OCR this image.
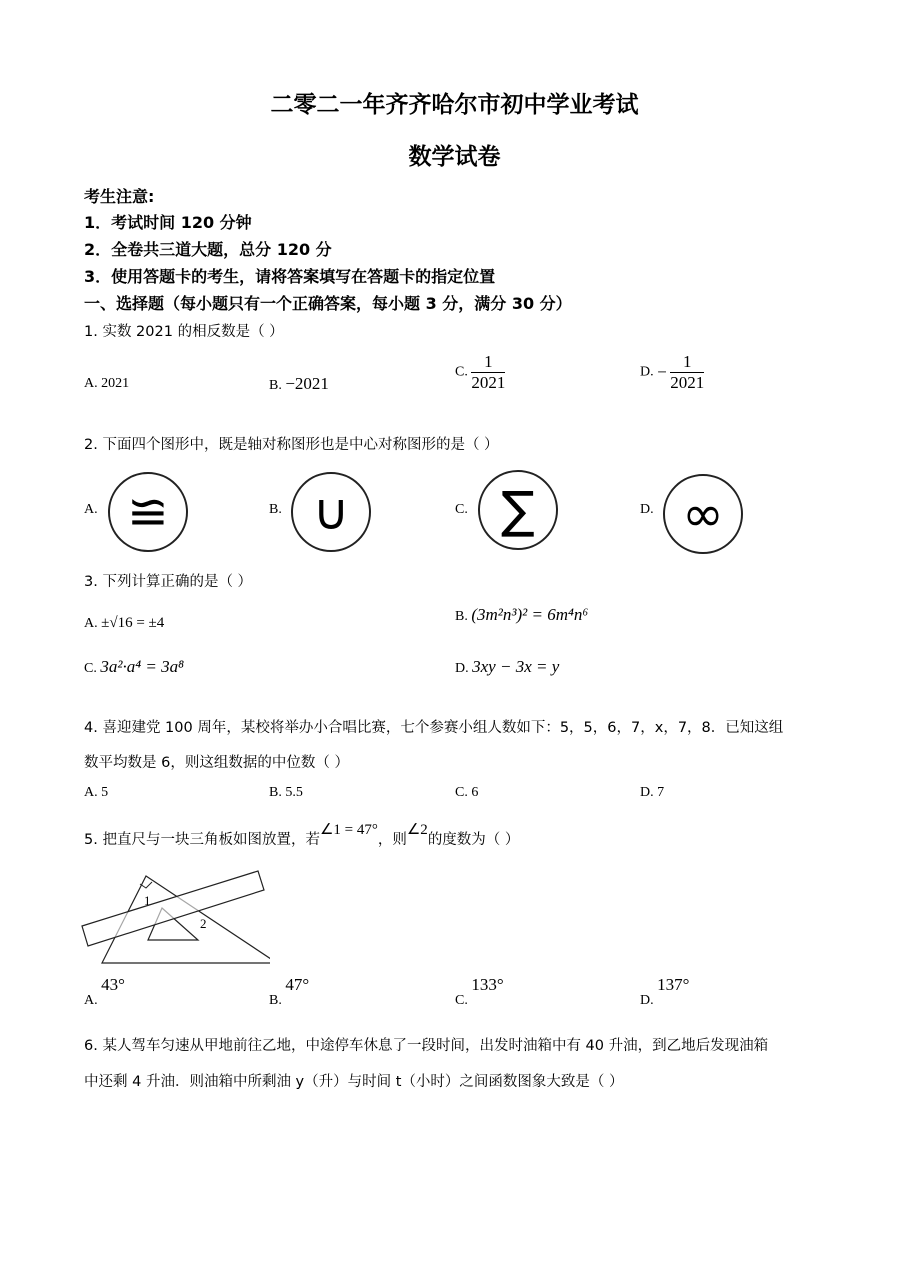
二零二一年齐齐哈尔市初中学业考试
数学试卷
考生注意:
1．考试时间 120 分钟
2．全卷共三道大题，总分 120 分
3．使用答题卡的考生，请将答案填写在答题卡的指定位置
一、选择题（每小题只有一个正确答案，每小题 3 分，满分 30 分）
1. 实数 2021 的相反数是（ ）
A. 2021	B. −2021
C. $\frac{1}{2021}$	D. − $\frac{1}{2021}$
2. 下面四个图形中，既是轴对称图形也是中心对称图形的是（ ）
A. ≌	B. ∪	C. ∑	D. ∞
3. 下列计算正确的是（ ）
A. ±√16 = ±4	B. (3m²n³)² = 6m⁴n⁶
C. 3a²·a⁴ = 3a⁸	D. 3xy − 3x = y
4. 喜迎建党 100 周年，某校将举办小合唱比赛，七个参赛小组人数如下：5，5，6，7，x，7，8．已知这组
数平均数是 6，则这组数据的中位数（ ）
A. 5	B. 5.5	C. 6	D. 7
5. 把直尺与一块三角板如图放置，若∠1 = 47°，则∠2的度数为（ ）
1
2
A. 43°
B. 47°
C. 133°
D. 137°
6. 某人驾车匀速从甲地前往乙地，中途停车休息了一段时间，出发时油箱中有 40 升油，到乙地后发现油箱
中还剩 4 升油．则油箱中所剩油 y（升）与时间 t（小时）之间函数图象大致是（ ）
